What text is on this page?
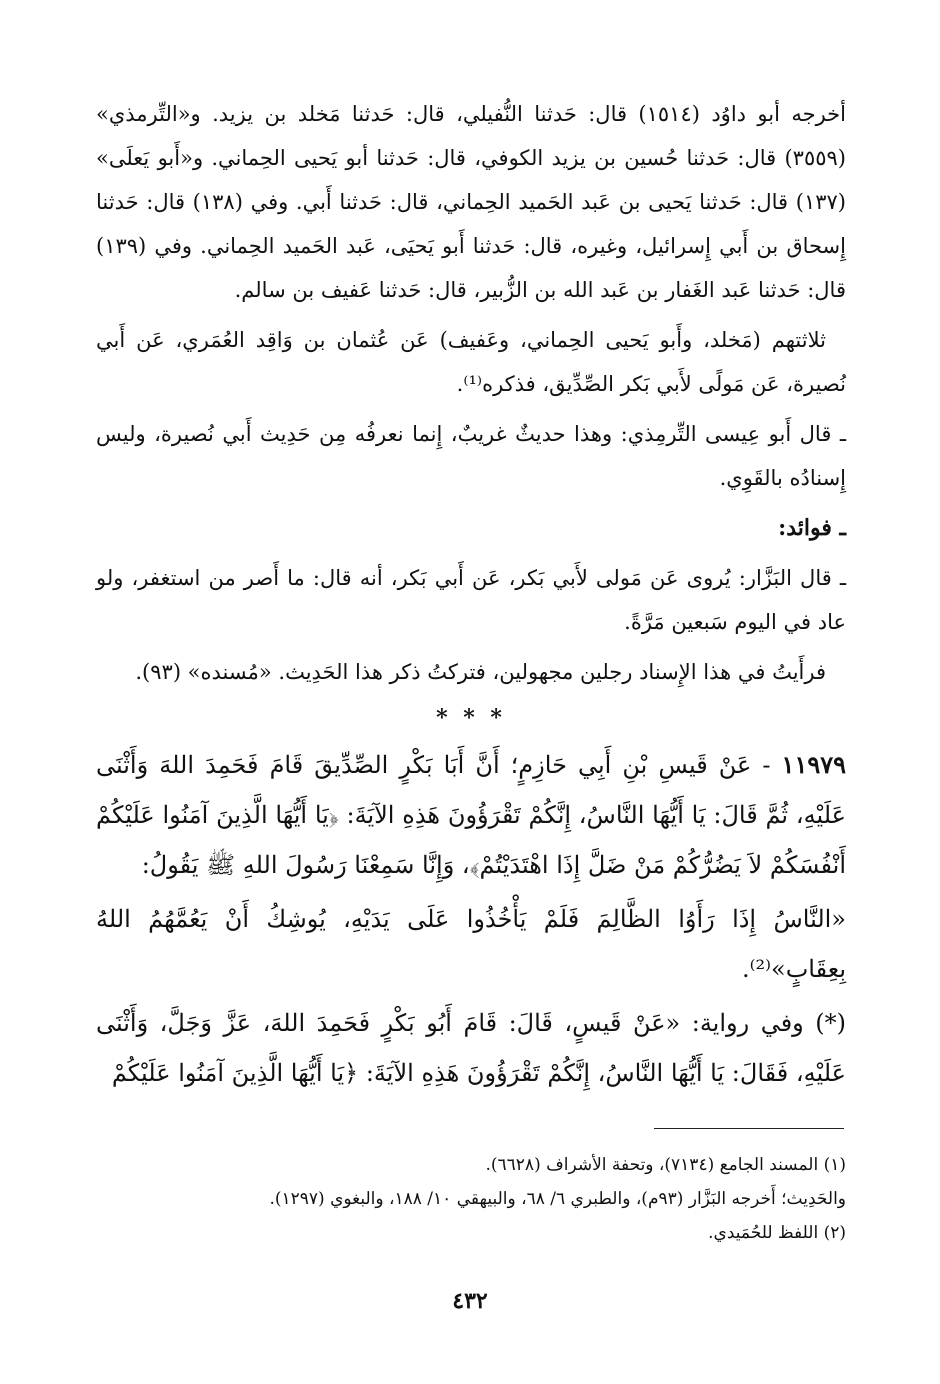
أخرجه أبو داوُد (١٥١٤) قال: حَدثنا النُّفيلي، قال: حَدثنا مَخلد بن يزيد. و«التِّرمذي» (٣٥٥٩) قال: حَدثنا حُسين بن يزيد الكوفي، قال: حَدثنا أبو يَحيى الحِماني. و«أَبو يَعلَى» (١٣٧) قال: حَدثنا يَحيى بن عَبد الحَميد الحِماني، قال: حَدثنا أَبي. وفي (١٣٨) قال: حَدثنا إِسحاق بن أَبي إِسرائيل، وغيره، قال: حَدثنا أَبو يَحيَى، عَبد الحَميد الحِماني. وفي (١٣٩) قال: حَدثنا عَبد الغَفار بن عَبد الله بن الزُّبير، قال: حَدثنا عَفيف بن سالم.

ثلاثتهم (مَخلد، وأَبو يَحيى الحِماني، وعَفيف) عَن عُثمان بن وَاقِد العُمَري، عَن أَبي نُصيرة، عَن مَولًى لأَبي بَكر الصِّدِّيق، فذكره⁽¹⁾.

ـ قال أَبو عِيسى التِّرمِذي: وهذا حديثٌ غريبٌ، إِنما نعرفُه مِن حَدِيث أَبي نُصيرة، وليس إِسنادُه بالقَوِي.

ـ فوائد:

ـ قال البَزَّار: يُروى عَن مَولى لأَبي بَكر، عَن أَبي بَكر، أنه قال: ما أَصر من استغفر، ولو عاد في اليوم سَبعين مَرَّةً.

فرأَيتُ في هذا الإِسناد رجلين مجهولين، فتركتُ ذكر هذا الحَدِيث. «مُسنده» (٩٣).

* * *

١١٩٧٩ - عَنْ قَيسِ بْنِ أَبِي حَازِمٍ؛ أَنَّ أَبَا بَكْرٍ الصِّدِّيقَ قَامَ فَحَمِدَ اللهَ وَأَثْنَى عَلَيْهِ، ثُمَّ قَالَ: يَا أَيُّهَا النَّاسُ، إِنَّكُمْ تَقْرَؤُونَ هَذِهِ الآيَةَ: ﴿يَا أَيُّهَا الَّذِينَ آمَنُوا عَلَيْكُمْ أَنْفُسَكُمْ لاَ يَضُرُّكُمْ مَنْ ضَلَّ إِذَا اهْتَدَيْتُمْ﴾، وَإِنَّا سَمِعْنَا رَسُولَ اللهِ ﷺ يَقُولُ:

«النَّاسُ إِذَا رَأَوُا الظَّالِمَ فَلَمْ يَأْخُذُوا عَلَى يَدَيْهِ، يُوشِكُ أَنْ يَعُمَّهُمُ اللهُ بِعِقَابٍ»⁽²⁾.

(*) وفي رواية: «عَنْ قَيسٍ، قَالَ: قَامَ أَبُو بَكْرٍ فَحَمِدَ اللهَ، عَزَّ وَجَلَّ، وَأَثْنَى عَلَيْهِ، فَقَالَ: يَا أَيُّهَا النَّاسُ، إِنَّكُمْ تَقْرَؤُونَ هَذِهِ الآيَةَ: ﴿يَا أَيُّهَا الَّذِينَ آمَنُوا عَلَيْكُمْ

(١) المسند الجامع (٧١٣٤)، وتحفة الأشراف (٦٦٢٨).

والحَدِيث؛ أَخرجه البَزَّار (٩٣م)، والطبري ٦/ ٦٨، والبيهقي ١٠/ ١٨٨، والبغوي (١٢٩٧).

(٢) اللفظ للحُمَيدي.

٤٣٢
